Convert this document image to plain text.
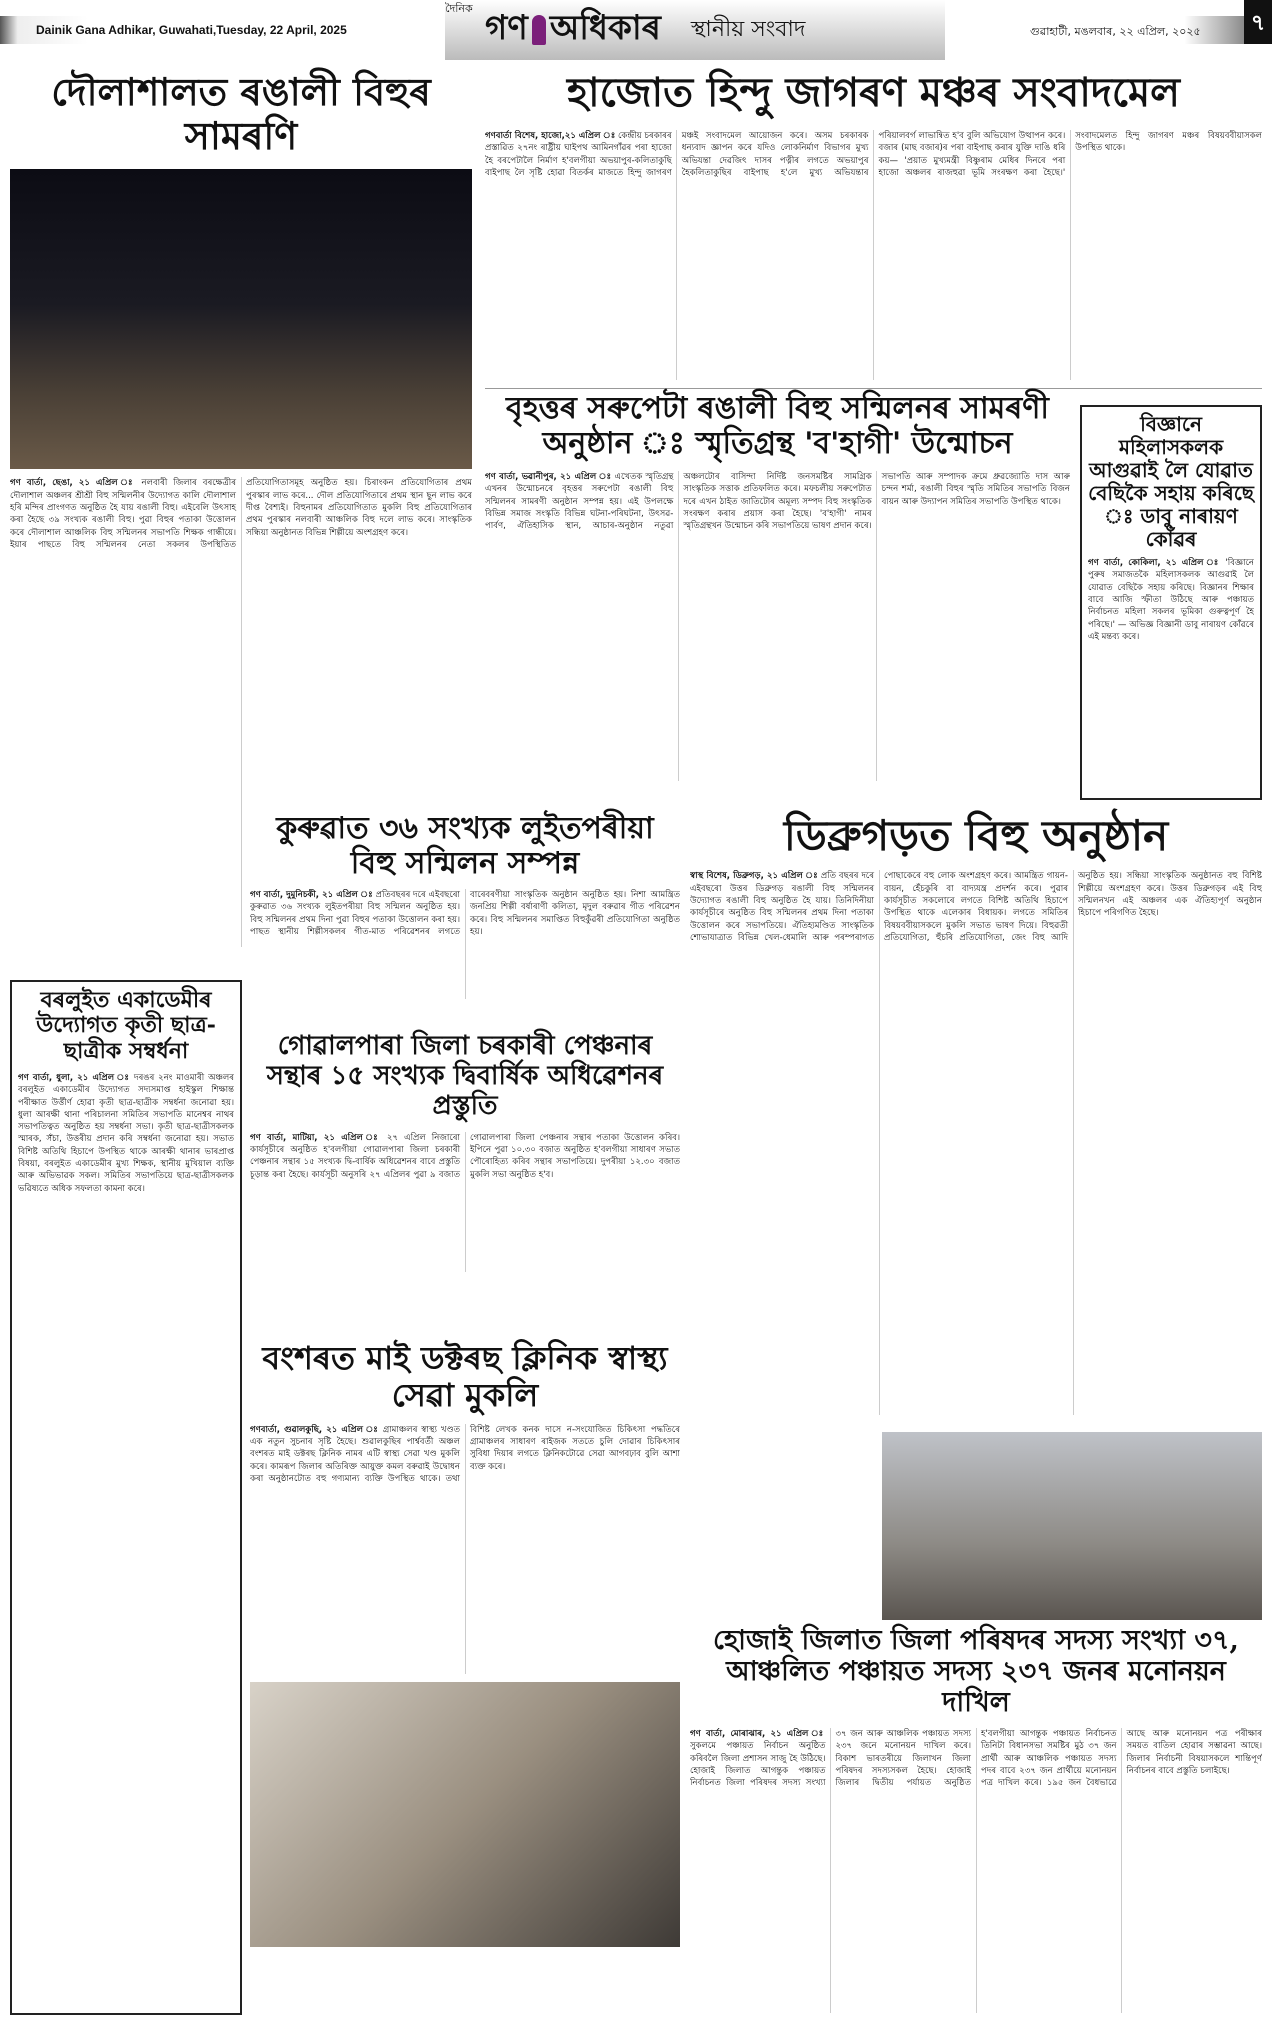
Dainik Gana Adhikar, Guwahati,Tuesday, 22 April, 2025	গণ অধিকাৰ স্থানীয় সংবাদ
দৈনিক
গুৱাহাটী, মঙলবাৰ, ২২ এপ্ৰিল, ২০২৫	৭
দৌলাশালত ৰঙালী বিহুৰ সামৰণি

গণ বাৰ্তা, ছেঙা, ২১ এপ্ৰিল ঃ নলবাৰী জিলাৰ বৰক্ষেত্ৰীৰ দৌলাশাল অঞ্চলৰ শ্ৰীশ্ৰী বিহু সন্মিলনীৰ উদ্যোগত কালি দৌলাশাল হৰি মন্দিৰ প্ৰাংগণত অনুষ্ঠিত হৈ যায় ৰঙালী বিহু। এইবেলি উৎসাহ কৰা হৈছে ৩৯ সংখ্যক ৰঙালী বিহু। পুৱা বিহুৰ পতাকা উত্তোলন কৰে দৌলাশাল আঞ্চলিক বিহু সন্মিলনৰ সভাপতি শিক্ষক গান্ধীয়ে। ইয়াৰ পাছতে বিহু সন্মিলনৰ নেতা সকলৰ উপস্থিতিত প্ৰতিযোগিতাসমূহ অনুষ্ঠিত হয়। চিৰাংকন প্ৰতিযোগিতাৰ প্ৰথম পুৰস্কাৰ লাভ কৰে... দৌল প্ৰতিযোগিতাৰে প্ৰথম স্থান ছুন লাভ কৰে দীপ্ত বৈশ্যই। বিহুনামৰ প্ৰতিযোগিতাত মুকলি বিহু প্ৰতিযোগিতাৰ প্ৰথম পুৰস্কাৰ নলবাৰী আঞ্চলিক বিহু দলে লাভ কৰে। সাংস্কৃতিক সন্ধিয়া অনুষ্ঠানত বিভিন্ন শিল্পীয়ে অংশগ্ৰহণ কৰে।

হাজোত হিন্দু জাগৰণ মঞ্চৰ সংবাদমেল

গণবাৰ্তা বিশেষ, হাজো,২১ এপ্ৰিল ঃ কেন্দ্ৰীয় চৰকাৰৰ প্ৰস্তাৱিত ২৭নং ৰাষ্ট্ৰীয় ঘাইপথ আমিনগাঁৱৰ পৰা হাজো হৈ বৰপেটালৈ নিৰ্মাণ হ'বলগীয়া অভয়াপুৰ-কলিতাকুছি বাইপাছ লৈ সৃষ্টি হোৱা বিতৰ্কৰ মাজতে হিন্দু জাগৰণ মঞ্চই সংবাদমেল আয়োজন কৰে। অসম চৰকাৰক ধন্যবাদ জ্ঞাপন কৰে যদিও লোকনিৰ্মাণ বিভাগৰ মুখ্য অভিযন্তা দেৱজিৎ দাসৰ পত্নীৰ লগতে অভয়াপুৰ হৈকলিতাকুছিৰ বাইপাছ হ'লে মুখ্য অভিযন্তাৰ পৰিয়ালবৰ্গ লাভান্বিত হ'ব বুলি অভিযোগ উত্থাপন কৰে। বজাৰ (মাছ বজাৰ)ৰ পৰা বাইপাছ কৰাৰ যুক্তি দাঙি ধৰি কয়— 'প্ৰয়াত মুখ্যমন্ত্ৰী বিষ্ণুৰাম মেধিৰ দিনৰে পৰা হাজো অঞ্চলৰ ৰাজহুৱা ভূমি সংৰক্ষণ কৰা হৈছে।' সংবাদমেলত হিন্দু জাগৰণ মঞ্চৰ বিষয়ববীয়াসকল উপস্থিত থাকে।

বৃহত্তৰ সৰুপেটা ৰঙালী বিহু সন্মিলনৰ সামৰণী অনুষ্ঠান ঃ স্মৃতিগ্ৰন্থ 'ব'হাগী' উন্মোচন

গণ বাৰ্তা, ভৱানীপুৰ, ২১ এপ্ৰিল ঃ এখেতক স্মৃতিগ্ৰন্থ এখনৰ উন্মোচনৰে বৃহত্তৰ সৰুপেটা ৰঙালী বিহু সন্মিলনৰ সামৰণী অনুষ্ঠান সম্পন্ন হয়। এই উপলক্ষে বিভিন্ন সমাজ সংস্কৃতি বিভিন্ন ঘটনা-পৰিঘটনা, উৎসৱ-পাৰ্বণ, ঐতিহাসিক স্থান, আচাৰ-অনুষ্ঠান নতুৱা অঞ্চলটোৰ বাসিন্দা নিৰ্দিষ্ট জনসমষ্টিৰ সামগ্ৰিক সাংস্কৃতিক সত্তাক প্ৰতিফলিত কৰে। মফচলীয় সৰুপেটাত দৰে এখন ঠাইত জাতিটোৰ অমূল্য সম্পদ বিহু সংস্কৃতিক সংৰক্ষণ কৰাৰ প্ৰয়াস কৰা হৈছে। 'ব'হাগী' নামৰ স্মৃতিগ্ৰন্থখন উন্মোচন কৰি সভাপতিয়ে ভাষণ প্ৰদান কৰে। সভাপতি আৰু সম্পাদক ক্ৰমে ধ্ৰুৱজ্যোতি দাস আৰু চন্দন শৰ্মা, ৰঙালী বিহুৰ স্মৃতি সমিতিৰ সভাপতি বিজন বায়ন আৰু উদ্যাপন সমিতিৰ সভাপতি উপস্থিত থাকে।

বিজ্ঞানে মহিলাসকলক আগুৱাই লৈ যোৱাত বেছিকৈ সহায় কৰিছে ঃ ডাবু নাৰায়ণ কোঁৱৰ

গণ বাৰ্তা, কোকিলা, ২১ এপ্ৰিল ঃ 'বিজ্ঞানে পুৰুষ সমাজতকৈ মহিলাসকলক আগুৱাই লৈ যোৱাত বেছিকৈ সহায় কৰিছে। বিজ্ঞানৰ শিক্ষাৰ বাবে আজি স্ফীতা উঠিছে আৰু পঞ্চায়ত নিৰ্বাচনত মহিলা সকলৰ ভূমিকা গুৰুত্বপূৰ্ণ হৈ পৰিছে।' — অভিজ্ঞ বিজ্ঞানী ডাবু নাৰায়ণ কোঁৱৰে এই মন্তব্য কৰে।

কুৰুৱাত ৩৬ সংখ্যক লুইতপৰীয়া বিহু সন্মিলন সম্পন্ন

গণ বাৰ্তা, দুমুনিচকী, ২১ এপ্ৰিল ঃ প্ৰতিবছৰৰ দৰে এইবছৰো কুৰুৱাত ৩৬ সংখ্যক লুইতপৰীয়া বিহু সন্মিলন অনুষ্ঠিত হয়। বিহু সন্মিলনৰ প্ৰথম দিনা পুৱা বিহুৰ পতাকা উত্তোলন কৰা হয়। পাছত স্থানীয় শিল্পীসকলৰ গীত-মাত পৰিৱেশনৰ লগতে বাৰেবৰণীয়া সাংস্কৃতিক অনুষ্ঠান অনুষ্ঠিত হয়। নিশা আমন্ত্ৰিত জনপ্ৰিয় শিল্পী বৰ্ষাৰাণী কলিতা, মৃদুল বৰুৱাৰ গীত পৰিৱেশন কৰে। বিহু সন্মিলনৰ সমাপ্তিত বিহুকুঁৱৰী প্ৰতিযোগিতা অনুষ্ঠিত হয়।

ডিব্ৰুগড়ত বিহু অনুষ্ঠান

স্বাস্থ বিশেষ, ডিব্ৰুগড়, ২১ এপ্ৰিল ঃ প্ৰতি বছৰৰ দৰে এইবছৰো উত্তৰ ডিব্ৰুগড় ৰঙালী বিহু সন্মিলনৰ উদ্যোগত ৰঙালী বিহু অনুষ্ঠিত হৈ যায়। তিনিদিনীয়া কাৰ্যসূচীৰে অনুষ্ঠিত বিহু সন্মিলনৰ প্ৰথম দিনা পতাকা উত্তোলন কৰে সভাপতিয়ে। ঐতিহ্যমণ্ডিত সাংস্কৃতিক শোভাযাত্ৰাত বিভিন্ন খেল-ধেমালি আৰু পৰম্পৰাগত পোছাকেৰে বহু লোক অংশগ্ৰহণ কৰে। আমন্ত্ৰিত গায়ন-বায়ন, হেঁচকুৰি বা বাদ্যযন্ত্ৰ প্ৰদৰ্শন কৰে। পুৱাৰ কাৰ্যসূচীত সকলোৰে লগতে বিশিষ্ট অতিথি হিচাপে উপস্থিত থাকে এলেকাৰ বিধায়ক। লগতে সমিতিৰ বিষয়ববীয়াসকলে মুকলি সভাত ভাষণ দিয়ে। বিহুৱতী প্ৰতিযোগিতা, হুঁচৰি প্ৰতিযোগিতা, জেং বিহু আদি অনুষ্ঠিত হয়। সন্ধিয়া সাংস্কৃতিক অনুষ্ঠানত বহু বিশিষ্ট শিল্পীয়ে অংশগ্ৰহণ কৰে। উত্তৰ ডিব্ৰুগড়ৰ এই বিহু সন্মিলনখন এই অঞ্চলৰ এক ঐতিহ্যপূৰ্ণ অনুষ্ঠান হিচাপে পৰিগণিত হৈছে।

বৰলুইত একাডেমীৰ উদ্যোগত কৃতী ছাত্ৰ-ছাত্ৰীক সম্বৰ্ধনা

গণ বাৰ্তা, ধুলা, ২১ এপ্ৰিল ঃ দৰঙৰ ২নং মাওমাৰী অঞ্চলৰ বৰলুইত একাডেমীৰ উদ্যোগত সদ্যসমাপ্ত হাইস্কুল শিক্ষান্ত পৰীক্ষাত উৰ্ত্তীৰ্ণ হোৱা কৃতী ছাত্ৰ-ছাত্ৰীক সম্বৰ্ধনা জনোৱা হয়। ধুলা আৰক্ষী থানা পৰিচালনা সমিতিৰ সভাপতি মানেশ্বৰ নাথৰ সভাপতিত্বত অনুষ্ঠিত হয় সম্বৰ্ধনা সভা। কৃতী ছাত্ৰ-ছাত্ৰীসকলক স্মাৰক, সঁচা, উত্তৰীয় প্ৰদান কৰি সম্বৰ্ধনা জনোৱা হয়। সভাত বিশিষ্ট অতিথি হিচাপে উপস্থিত থাকে আৰক্ষী থানাৰ ভাৰপ্ৰাপ্ত বিষয়া, বৰলুইত একাডেমীৰ মুখ্য শিক্ষক, স্থানীয় মুখিয়াল ব্যক্তি আৰু অভিভাৱক সকল। সমিতিৰ সভাপতিয়ে ছাত্ৰ-ছাত্ৰীসকলক ভৱিষ্যতে অধিক সফলতা কামনা কৰে।

গোৱালপাৰা জিলা চৰকাৰী পেঞ্চনাৰ সন্থাৰ ১৫ সংখ্যক দ্বিবাৰ্ষিক অধিৱেশনৰ প্ৰস্তুতি

গণ বাৰ্তা, মাটিয়া, ২১ এপ্ৰিল ঃ ২৭ এপ্ৰিল নিজাৰো কাৰ্যসূচীৰে অনুষ্ঠিত হ'বলগীয়া গোৱালপাৰা জিলা চৰকাৰী পেঞ্চনাৰ সন্থাৰ ১৫ সংখ্যক দ্বি-বাৰ্ষিক অধিৱেশনৰ বাবে প্ৰস্তুতি চূড়ান্ত কৰা হৈছে। কাৰ্যসূচী অনুসৰি ২৭ এপ্ৰিলৰ পুৱা ৯ বজাত গোৱালপাৰা জিলা পেঞ্চনাৰ সন্থাৰ পতাকা উত্তোলন কৰিব। ইপিনে পুৱা ১০.৩০ বজাত অনুষ্ঠিত হ'বলগীয়া সাধাৰণ সভাত পৌৰোহিত্য কৰিব সন্থাৰ সভাপতিয়ে। দুপৰীয়া ১২.৩০ বজাত মুকলি সভা অনুষ্ঠিত হ'ব।

বংশৰত মাই ডক্টৰছ ক্লিনিক স্বাস্থ্য সেৱা মুকলি

গণবাৰ্তা, গুৱালকুছি, ২১ এপ্ৰিল ঃ গ্ৰামাঞ্চলৰ স্বাস্থ্য খণ্ডত এক নতুন সুচনাৰ সৃষ্টি হৈছে। শুৱালকুছিৰ পাৰ্শ্ববৰ্তী অঞ্চল বংশৰত মাই ডক্টৰছ ক্লিনিক নামৰ এটি স্বাস্থ্য সেৱা খণ্ড মুকলি কৰে। কামৰূপ জিলাৰ অতিৰিক্ত আয়ুক্ত কমল বৰুৱাই উদ্বোধন কৰা অনুষ্ঠানটোত বহু গণ্যমান্য ব্যক্তি উপস্থিত থাকে। তথা বিশিষ্ট লেখক কনক দাসে ন-সংযোজিত চিকিৎসা পদ্ধতিৰে গ্ৰামাঞ্চলৰ সাধাৰণ ৰাইজক সততে চুলি দোৱাৰ চিকিৎসাৰ সুবিধা দিয়াৰ লগতে ক্লিনিকটোৱে সেৱা আগবঢ়াব বুলি আশা ব্যক্ত কৰে।

হোজাই জিলাত জিলা পৰিষদৰ সদস্য সংখ্যা ৩৭, আঞ্চলিত পঞ্চায়ত সদস্য ২৩৭ জনৰ মনোনয়ন দাখিল

গণ বাৰ্তা, মোৰাঝাৰ, ২১ এপ্ৰিল ঃ সুকলমে পঞ্চায়ত নিৰ্বাচন অনুষ্ঠিত কৰিবলৈ জিলা প্ৰশাসন সাজু হৈ উঠিছে। হোজাই জিলাত আগন্তুক পঞ্চায়ত নিৰ্বাচনত জিলা পৰিষদৰ সদস্য সংখ্যা ৩৭ জন আৰু আঞ্চলিক পঞ্চায়ত সদস্য ২৩৭ জনে মনোনয়ন দাখিল কৰে। বিকাশ ভাৰতৰীয়ে জিলাখন জিলা পৰিষদৰ সদস্যসকল হৈছে। হোজাই জিলাৰ দ্বিতীয় পৰ্যায়ত অনুষ্ঠিত হ'বলগীয়া আগন্তুক পঞ্চায়ত নিৰ্বাচনত তিনিটা বিধানসভা সমষ্টিৰ মুঠ ৩৭ জন প্ৰাৰ্থী আৰু আঞ্চলিক পঞ্চায়ত সদস্য পদৰ বাবে ২৩৭ জন প্ৰাৰ্থীয়ে মনোনয়ন পত্ৰ দাখিল কৰে। ১৯৫ জন বৈধভাৱে আছে আৰু মনোনয়ন পত্ৰ পৰীক্ষাৰ সময়ত বাতিল হোৱাৰ সম্ভাৱনা আছে। জিলাৰ নিৰ্বাচনী বিষয়াসকলে শান্তিপূৰ্ণ নিৰ্বাচনৰ বাবে প্ৰস্তুতি চলাইছে।
